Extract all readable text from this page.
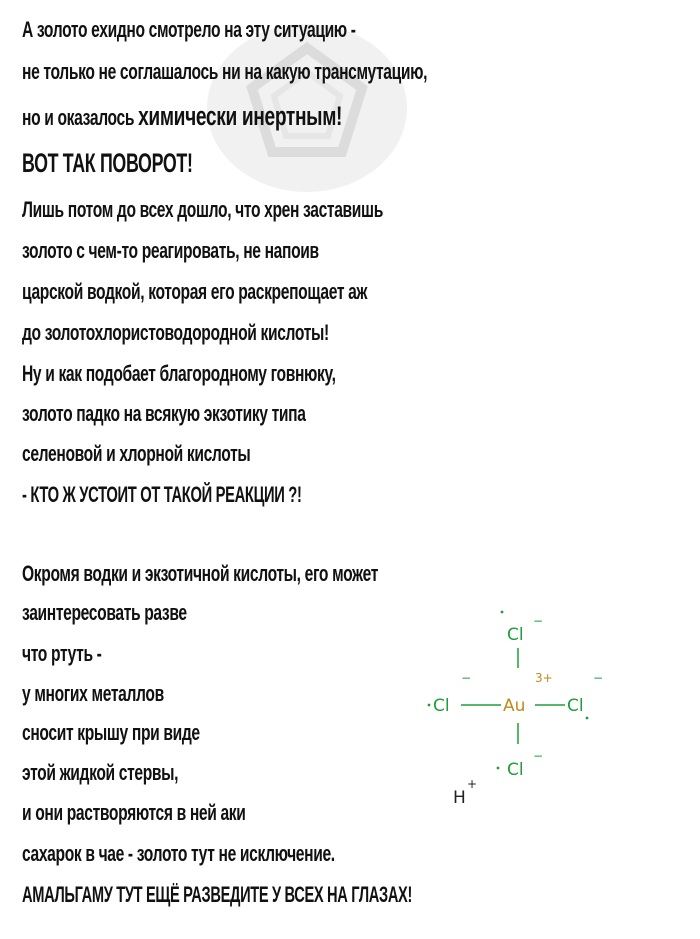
А золото ехидно смотрело на эту ситуацию -
не только не соглашалось ни на какую трансмутацию,
но и оказалось химически инертным!
ВОТ ТАК ПОВОРОТ!
Лишь потом до всех дошло, что хрен заставишь
золото с чем-то реагировать, не напоив
царской водкой, которая его раскрепощает аж
до золотохлористоводородной кислоты!
Ну и как подобает благородному говнюку,
золото падко на всякую экзотику типа
селеновой и хлорной кислоты
- КТО Ж УСТОИТ ОТ ТАКОЙ РЕАКЦИИ ?!
Окромя водки и экзотичной кислоты, его может
заинтересовать разве
что ртуть -
у многих металлов
сносит крышу при виде
этой жидкой стервы,
и они растворяются в ней аки
сахарок в чае - золото тут не исключение.
АМАЛЬГАМУ ТУТ ЕЩЁ РАЗВЕДИТЕ У ВСЕХ НА ГЛАЗАХ!
Cl
−
Cl
−
Au
3+
Cl
−
Cl
−
H
+
